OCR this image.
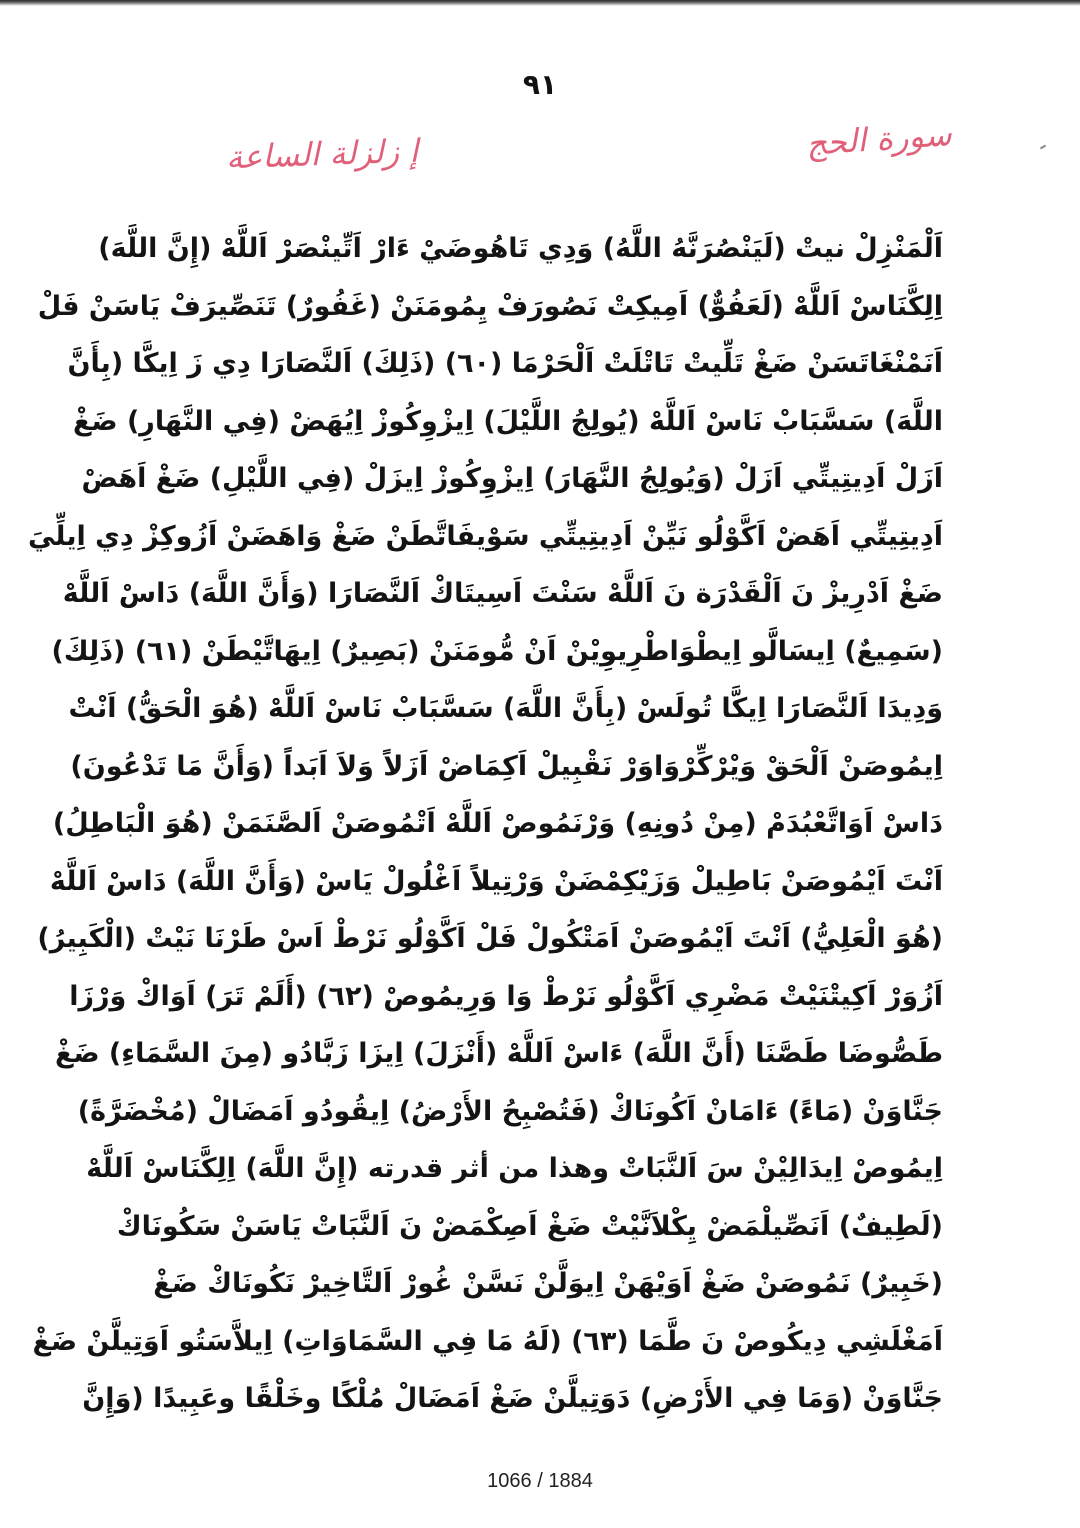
٩١
سورة الحج
إ زلزلة الساعة
اَلْمَنْزِلْ نيتْ (لَيَنْصُرَنَّهُ اللَّهُ) وَدِي تَاهُوضَيْ ءَارْ اَتِّينْصَرْ اَللَّهْ (إِنَّ اللَّهَ)
اِلِكَّنَاسْ اَللَّهْ (لَعَفُوٌّ) اَمِيكِتْ نَصُورَفْ يِمُومَنَنْ (غَفُورٌ) تَنَصِّيرَفْ يَاسَنْ فَلْ
اَنَمْنْغَاتَسَنْ ضَغْ تَلِّيتْ تَاتْلَتْ اَلْحَرْمَا (٦٠) (ذَلِكَ) اَلنَّصَارَا دِي زَ اِيكَّا (بِأَنَّ
اللَّهَ) سَسَّبَابْ نَاسْ اَللَّهْ (يُولِجُ اللَّيْلَ) اِيزْوِكُوزْ اِيُهَضْ (فِي النَّهَارِ) ضَغْ
اَزَلْ اَدِيتِيتِّي اَزَلْ (وَيُولِجُ النَّهَارَ) اِيزْوِكُوزْ اِيزَلْ (فِي اللَّيْلِ) ضَغْ اَهَضْ
اَدِيتِيتِّي اَهَضْ اَكَّوْلُو نَيِّنْ اَدِيتِيتِّي سَوْيفَاتَّطَنْ ضَغْ وَاهَضَنْ اَزُوكِزْ دِي اِيلِّيَ
ضَغْ اَدْرِيزْ نَ اَلْقَدْرَة نَ اَللَّهْ سَنْتَ اَسِيتَاكْ اَلنَّصَارَا (وَأَنَّ اللَّهَ) دَاسْ اَللَّهْ
(سَمِيعٌ) اِيسَالَّو اِيطْوَاطْرِيوِيْنْ اَنْ مُّومَنَنْ (بَصِيرٌ) اِيهَاتَّيْطَنْ (٦١) (ذَلِكَ)
وَدِيدَا اَلنَّصَارَا اِيكَّا تُولَسْ (بِأَنَّ اللَّهَ) سَسَّبَابْ نَاسْ اَللَّهْ (هُوَ الْحَقُّ) اَنْتْ
اِيمُوصَنْ اَلْحَقْ وَيْرْكِّرْوَاوَرْ نَقْبِيلْ اَكِمَاضْ اَزَلاً وَلاَ اَبَداً (وَأَنَّ مَا تَدْعُونَ)
دَاسْ اَوَاتَّعْبُدَمْ (مِنْ دُونِهِ) وَرْنَمُوصْ اَللَّهْ اَتْمُوصَنْ اَلصَّنَمَنْ (هُوَ الْبَاطِلُ)
اَنْتَ اَيْمُوصَنْ بَاطِيلْ وَزَيْكِمْضَنْ وَرْتِيلاً اَغْلُولْ يَاسْ (وَأَنَّ اللَّهَ) دَاسْ اَللَّهْ
(هُوَ الْعَلِيُّ) اَنْتَ اَيْمُوصَنْ اَمَتْكُولْ فَلْ اَكَّوْلُو نَرْطْ اَسْ طَرْنَا نَيْتْ (الْكَبِيرُ)
اَزُوَرْ اَكِيتْنَيْتْ مَضْرِي اَكَّوْلُو نَرْطْ وَا وَرِيمُوصْ (٦٢) (أَلَمْ تَرَ) اَوَاكْ وَرْزَا
طَصُّوضَا طَصَّنَا (أَنَّ اللَّهَ) ءَاسْ اَللَّهْ (أَنْزَلَ) اِيزَا زَبَّادُو (مِنَ السَّمَاءِ) ضَغْ
جَنَّاوَنْ (مَاءً) ءَامَانْ اَكُونَاكْ (فَتُصْبِحُ الأَرْضُ) اِيقُودُو اَمَضَالْ (مُخْضَرَّةً)
اِيمُوصْ اِيدَالِيْنْ سَ اَلنَّبَاتْ وهذا من أثر قدرته (إِنَّ اللَّهَ) اِلِكَّنَاسْ اَللَّهْ
(لَطِيفٌ) اَنَصِّيلْمَضْ يِكْلاَنَّيْتْ ضَغْ اَصِكْمَضْ نَ اَلنَّبَاتْ يَاسَنْ سَكُونَاكْ
(خَبِيرٌ) نَمُوصَنْ ضَغْ اَوَيْهَنْ اِيوَلَّنْ نَسَّنْ غُورْ اَلتَّاخِيرْ نَكُونَاكْ ضَغْ
اَمَغْلَشِي دِيكُوصْ نَ طَّمَا (٦٣) (لَهُ مَا فِي السَّمَاوَاتِ) اِيلاَّسَتُو اَوَتِيلَّنْ ضَغْ
جَنَّاوَنْ (وَمَا فِي الأَرْضِ) دَوَتِيلَّنْ ضَغْ اَمَضَالْ مُلْكًا وخَلْقًا وعَبِيدًا (وَإِنَّ
1066 / 1884
